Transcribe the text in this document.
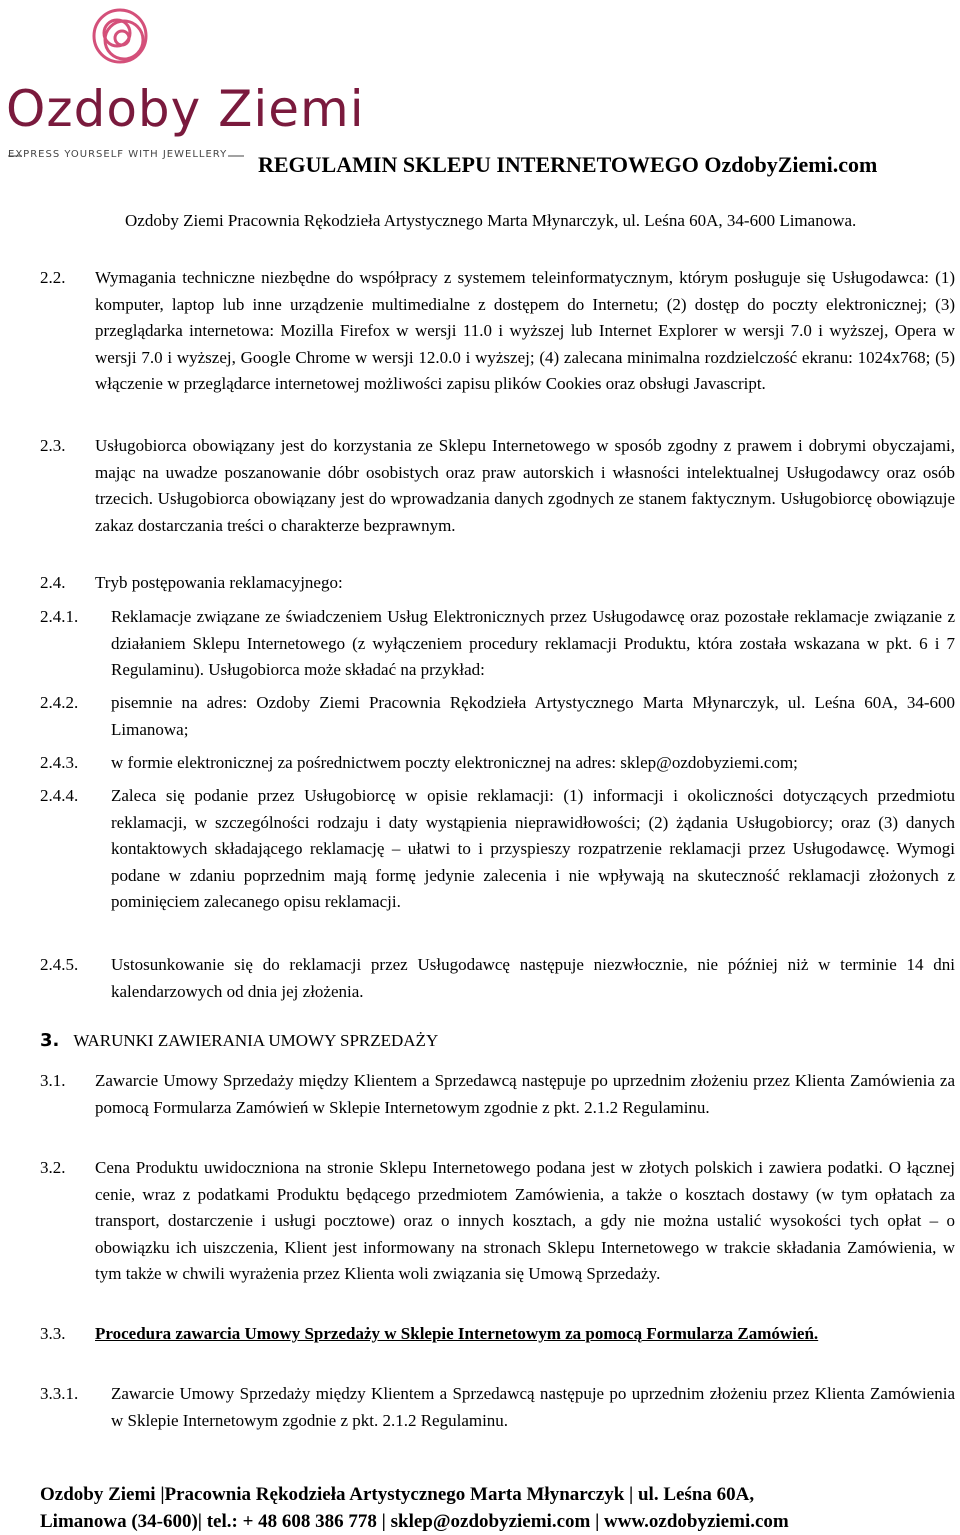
Ozdoby Ziemi
EXPRESS YOURSELF WITH JEWELLERY REGULAMIN SKLEPU INTERNETOWEGO OzdobyZiemi.com

Ozdoby Ziemi Pracownia Rękodzieła Artystycznego Marta Młynarczyk, ul. Leśna 60A, 34-600 Limanowa.

2.2. Wymagania techniczne niezbędne do współpracy z systemem teleinformatycznym, którym posługuje się Usługodawca: (1) komputer, laptop lub inne urządzenie multimedialne z dostępem do Internetu; (2) dostęp do poczty elektronicznej; (3) przeglądarka internetowa: Mozilla Firefox w wersji 11.0 i wyższej lub Internet Explorer w wersji 7.0 i wyższej, Opera w wersji 7.0 i wyższej, Google Chrome w wersji 12.0.0 i wyższej; (4) zalecana minimalna rozdzielczość ekranu: 1024x768; (5) włączenie w przeglądarce internetowej możliwości zapisu plików Cookies oraz obsługi Javascript.

2.3. Usługobiorca obowiązany jest do korzystania ze Sklepu Internetowego w sposób zgodny z prawem i dobrymi obyczajami, mając na uwadze poszanowanie dóbr osobistych oraz praw autorskich i własności intelektualnej Usługodawcy oraz osób trzecich. Usługobiorca obowiązany jest do wprowadzania danych zgodnych ze stanem faktycznym. Usługobiorcę obowiązuje zakaz dostarczania treści o charakterze bezprawnym.

2.4. Tryb postępowania reklamacyjnego:

2.4.1. Reklamacje związane ze świadczeniem Usług Elektronicznych przez Usługodawcę oraz pozostałe reklamacje związanie z działaniem Sklepu Internetowego (z wyłączeniem procedury reklamacji Produktu, która została wskazana w pkt. 6 i 7 Regulaminu). Usługobiorca może składać na przykład:

2.4.2. pisemnie na adres: Ozdoby Ziemi Pracownia Rękodzieła Artystycznego Marta Młynarczyk, ul. Leśna 60A, 34-600 Limanowa;

2.4.3. w formie elektronicznej za pośrednictwem poczty elektronicznej na adres: sklep@ozdobyziemi.com;

2.4.4. Zaleca się podanie przez Usługobiorcę w opisie reklamacji: (1) informacji i okoliczności dotyczących przedmiotu reklamacji, w szczególności rodzaju i daty wystąpienia nieprawidłowości; (2) żądania Usługobiorcy; oraz (3) danych kontaktowych składającego reklamację – ułatwi to i przyspieszy rozpatrzenie reklamacji przez Usługodawcę. Wymogi podane w zdaniu poprzednim mają formę jedynie zalecenia i nie wpływają na skuteczność reklamacji złożonych z pominięciem zalecanego opisu reklamacji.

2.4.5. Ustosunkowanie się do reklamacji przez Usługodawcę następuje niezwłocznie, nie później niż w terminie 14 dni kalendarzowych od dnia jej złożenia.

3. WARUNKI ZAWIERANIA UMOWY SPRZEDAŻY
3.1. Zawarcie Umowy Sprzedaży między Klientem a Sprzedawcą następuje po uprzednim złożeniu przez Klienta Zamówienia za pomocą Formularza Zamówień w Sklepie Internetowym zgodnie z pkt. 2.1.2 Regulaminu.

3.2. Cena Produktu uwidoczniona na stronie Sklepu Internetowego podana jest w złotych polskich i zawiera podatki. O łącznej cenie, wraz z podatkami Produktu będącego przedmiotem Zamówienia, a także o kosztach dostawy (w tym opłatach za transport, dostarczenie i usługi pocztowe) oraz o innych kosztach, a gdy nie można ustalić wysokości tych opłat – o obowiązku ich uiszczenia, Klient jest informowany na stronach Sklepu Internetowego w trakcie składania Zamówienia, w tym także w chwili wyrażenia przez Klienta woli związania się Umową Sprzedaży.

3.3. Procedura zawarcia Umowy Sprzedaży w Sklepie Internetowym za pomocą Formularza Zamówień.

3.3.1. Zawarcie Umowy Sprzedaży między Klientem a Sprzedawcą następuje po uprzednim złożeniu przez Klienta Zamówienia w Sklepie Internetowym zgodnie z pkt. 2.1.2 Regulaminu.

Ozdoby Ziemi |Pracownia Rękodzieła Artystycznego Marta Młynarczyk | ul. Leśna 60A,
Limanowa (34-600)| tel.: + 48 608 386 778 | sklep@ozdobyziemi.com | www.ozdobyziemi.com
